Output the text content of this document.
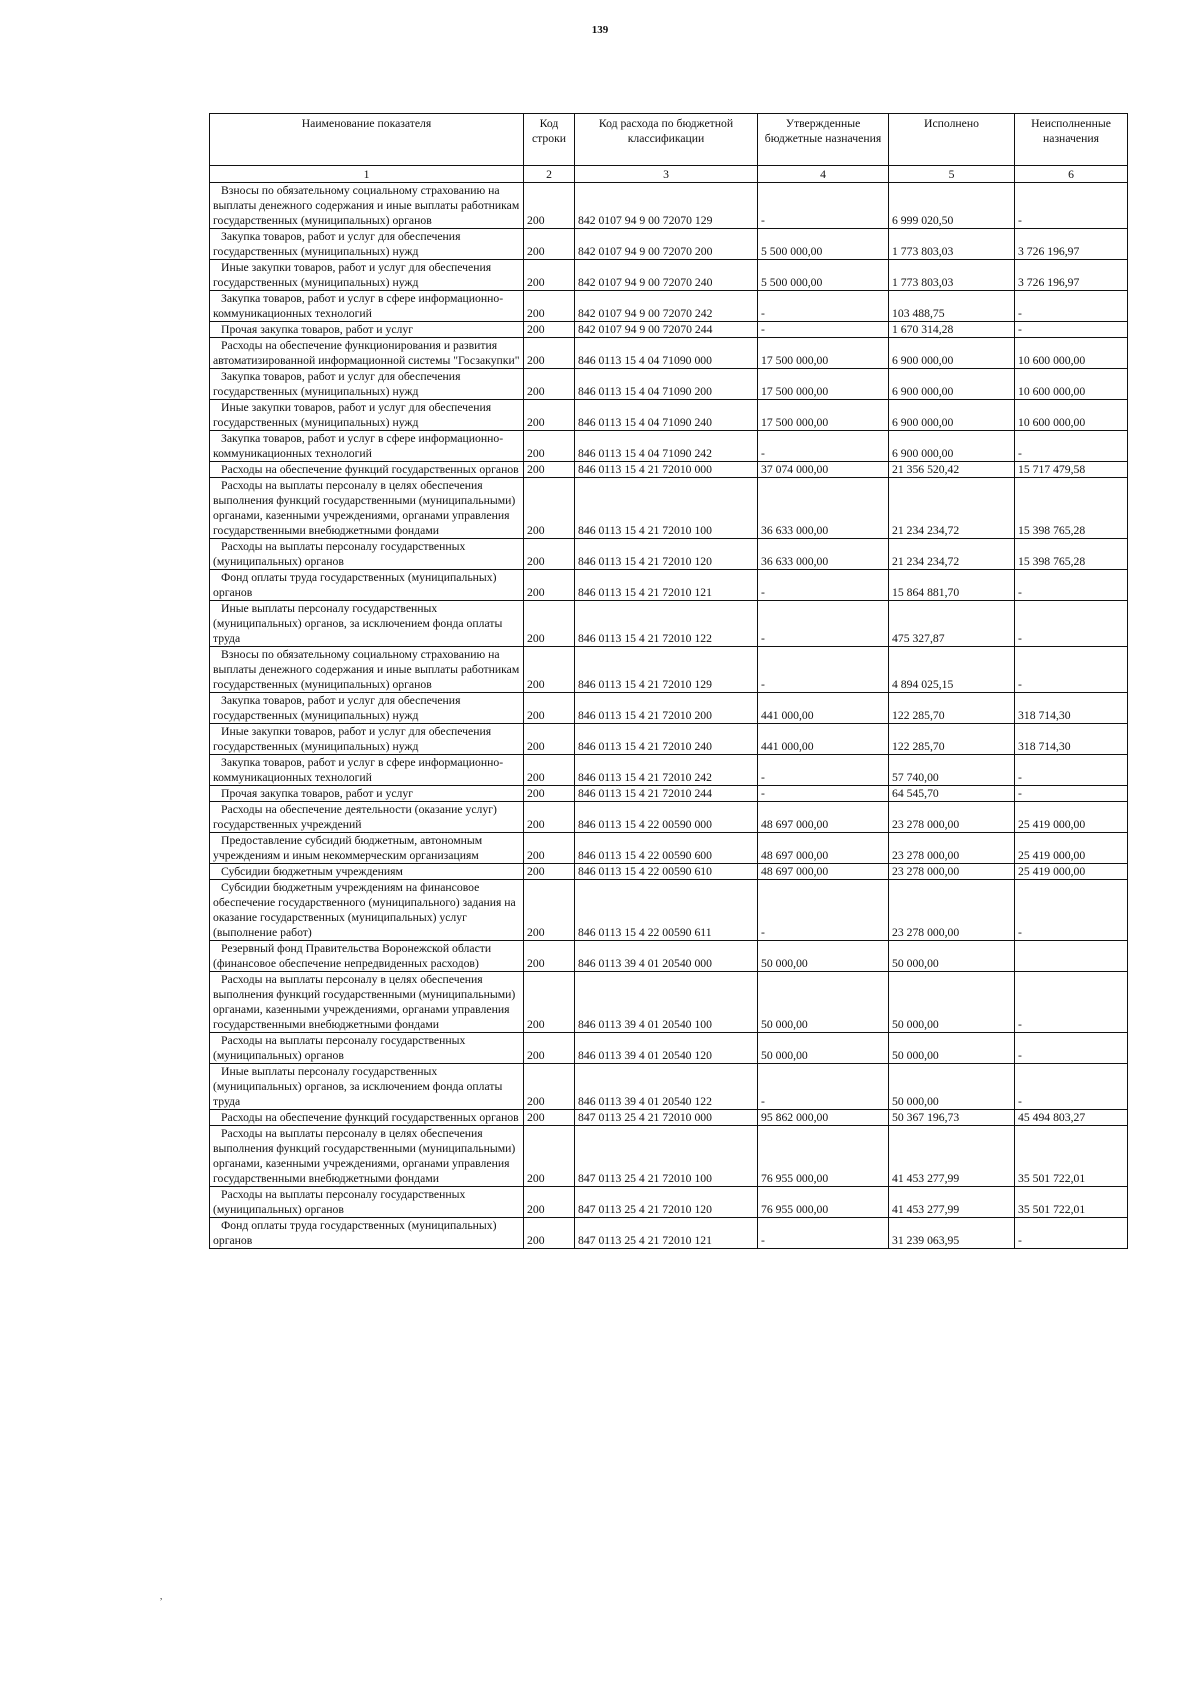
139
Наименование показателя	Код строки	Код расхода по бюджетной классификации	Утвержденные бюджетные назначения	Исполнено	Неисполненные назначения
1	2	3	4	5	6
Взносы по обязательному социальному страхованию на выплаты денежного содержания и иные выплаты работникам государственных (муниципальных) органов	200	842 0107 94 9 00 72070 129	-	6 999 020,50	-
Закупка товаров, работ и услуг для обеспечения государственных (муниципальных) нужд	200	842 0107 94 9 00 72070 200	5 500 000,00	1 773 803,03	3 726 196,97
Иные закупки товаров, работ и услуг для обеспечения государственных (муниципальных) нужд	200	842 0107 94 9 00 72070 240	5 500 000,00	1 773 803,03	3 726 196,97
Закупка товаров, работ и услуг в сфере информационно-коммуникационных технологий	200	842 0107 94 9 00 72070 242	-	103 488,75	-
Прочая закупка товаров, работ и услуг	200	842 0107 94 9 00 72070 244	-	1 670 314,28	-
Расходы на обеспечение функционирования и развития автоматизированной информационной системы "Госзакупки"	200	846 0113 15 4 04 71090 000	17 500 000,00	6 900 000,00	10 600 000,00
Закупка товаров, работ и услуг для обеспечения государственных (муниципальных) нужд	200	846 0113 15 4 04 71090 200	17 500 000,00	6 900 000,00	10 600 000,00
Иные закупки товаров, работ и услуг для обеспечения государственных (муниципальных) нужд	200	846 0113 15 4 04 71090 240	17 500 000,00	6 900 000,00	10 600 000,00
Закупка товаров, работ и услуг в сфере информационно-коммуникационных технологий	200	846 0113 15 4 04 71090 242	-	6 900 000,00	-
Расходы на обеспечение функций государственных органов	200	846 0113 15 4 21 72010 000	37 074 000,00	21 356 520,42	15 717 479,58
Расходы на выплаты персоналу в целях обеспечения выполнения функций государственными (муниципальными) органами, казенными учреждениями, органами управления государственными внебюджетными фондами	200	846 0113 15 4 21 72010 100	36 633 000,00	21 234 234,72	15 398 765,28
Расходы на выплаты персоналу государственных (муниципальных) органов	200	846 0113 15 4 21 72010 120	36 633 000,00	21 234 234,72	15 398 765,28
Фонд оплаты труда государственных (муниципальных) органов	200	846 0113 15 4 21 72010 121	-	15 864 881,70	-
Иные выплаты персоналу государственных (муниципальных) органов, за исключением фонда оплаты труда	200	846 0113 15 4 21 72010 122	-	475 327,87	-
Взносы по обязательному социальному страхованию на выплаты денежного содержания и иные выплаты работникам государственных (муниципальных) органов	200	846 0113 15 4 21 72010 129	-	4 894 025,15	-
Закупка товаров, работ и услуг для обеспечения государственных (муниципальных) нужд	200	846 0113 15 4 21 72010 200	441 000,00	122 285,70	318 714,30
Иные закупки товаров, работ и услуг для обеспечения государственных (муниципальных) нужд	200	846 0113 15 4 21 72010 240	441 000,00	122 285,70	318 714,30
Закупка товаров, работ и услуг в сфере информационно-коммуникационных технологий	200	846 0113 15 4 21 72010 242	-	57 740,00	-
Прочая закупка товаров, работ и услуг	200	846 0113 15 4 21 72010 244	-	64 545,70	-
Расходы на обеспечение деятельности (оказание услуг) государственных учреждений	200	846 0113 15 4 22 00590 000	48 697 000,00	23 278 000,00	25 419 000,00
Предоставление субсидий бюджетным, автономным учреждениям и иным некоммерческим организациям	200	846 0113 15 4 22 00590 600	48 697 000,00	23 278 000,00	25 419 000,00
Субсидии бюджетным учреждениям	200	846 0113 15 4 22 00590 610	48 697 000,00	23 278 000,00	25 419 000,00
Субсидии бюджетным учреждениям на финансовое обеспечение государственного (муниципального) задания на оказание государственных (муниципальных) услуг (выполнение работ)	200	846 0113 15 4 22 00590 611	-	23 278 000,00	-
Резервный фонд Правительства Воронежской области (финансовое обеспечение непредвиденных расходов)	200	846 0113 39 4 01 20540 000	50 000,00	50 000,00	
Расходы на выплаты персоналу в целях обеспечения выполнения функций государственными (муниципальными) органами, казенными учреждениями, органами управления государственными внебюджетными фондами	200	846 0113 39 4 01 20540 100	50 000,00	50 000,00	-
Расходы на выплаты персоналу государственных (муниципальных) органов	200	846 0113 39 4 01 20540 120	50 000,00	50 000,00	-
Иные выплаты персоналу государственных (муниципальных) органов, за исключением фонда оплаты труда	200	846 0113 39 4 01 20540 122	-	50 000,00	-
Расходы на обеспечение функций государственных органов	200	847 0113 25 4 21 72010 000	95 862 000,00	50 367 196,73	45 494 803,27
Расходы на выплаты персоналу в целях обеспечения выполнения функций государственными (муниципальными) органами, казенными учреждениями, органами управления государственными внебюджетными фондами	200	847 0113 25 4 21 72010 100	76 955 000,00	41 453 277,99	35 501 722,01
Расходы на выплаты персоналу государственных (муниципальных) органов	200	847 0113 25 4 21 72010 120	76 955 000,00	41 453 277,99	35 501 722,01
Фонд оплаты труда государственных (муниципальных) органов	200	847 0113 25 4 21 72010 121	-	31 239 063,95	-
,
